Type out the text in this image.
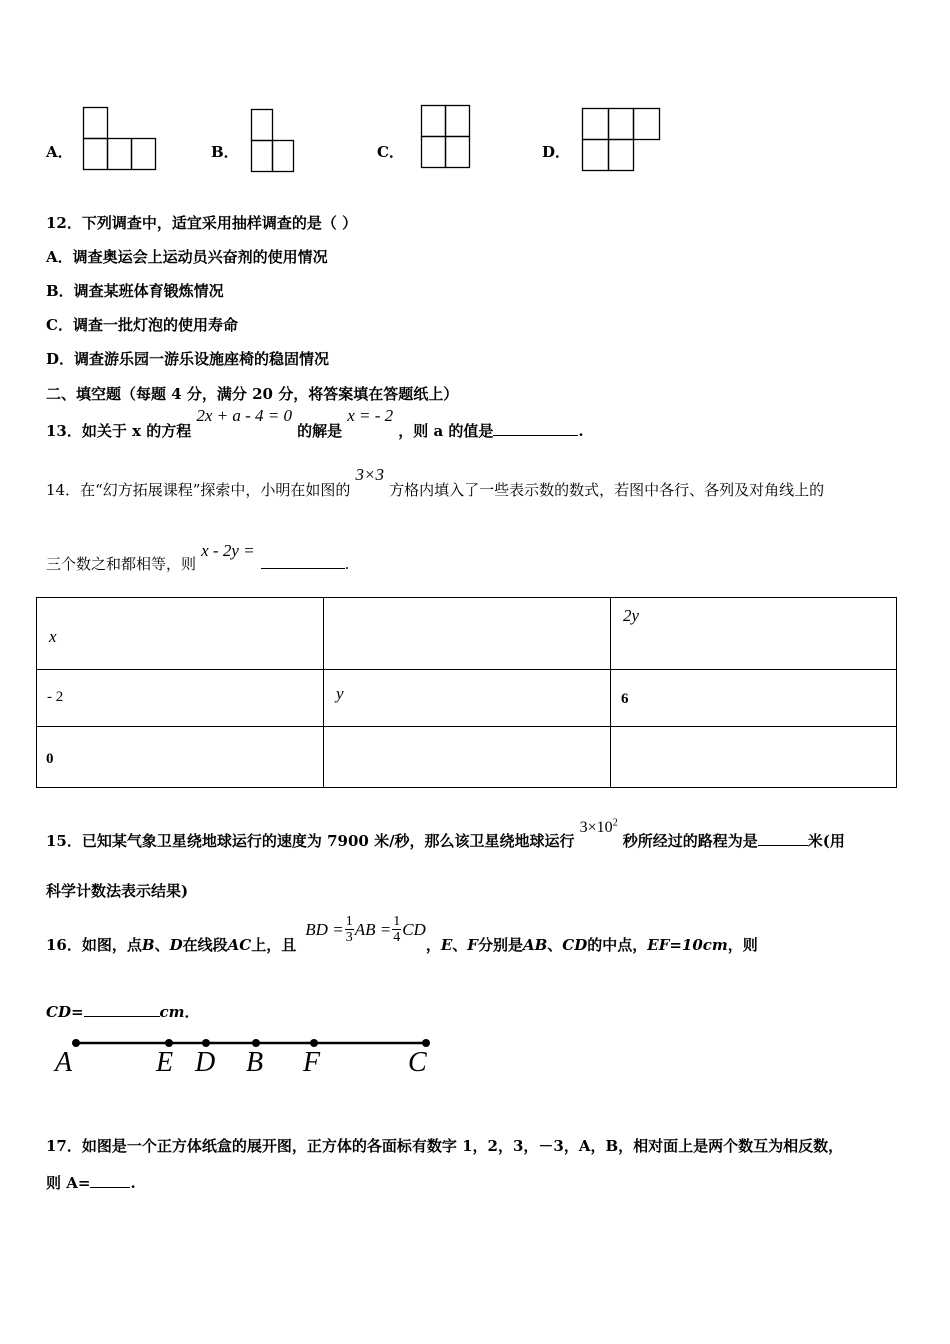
A．	B．	C．	D．
12．下列调查中，适宜采用抽样调查的是（ ）
A．调查奥运会上运动员兴奋剂的使用情况
B．调查某班体育锻炼情况
C．调查一批灯泡的使用寿命
D．调查游乐园一游乐设施座椅的稳固情况
二、填空题（每题 4 分，满分 20 分，将答案填在答题纸上）
13．如关于 x 的方程 2x + a - 4 = 0 的解是 x = - 2 ，则 a 的值是	.
14．在“幻方拓展课程”探索中，小明在如图的 3×3 方格内填入了一些表示数的数式，若图中各行、各列及对角线上的
三个数之和都相等，则 x - 2y =.
x		2y

- 2	y	6

0		

15．已知某气象卫星绕地球运行的速度为 7900 米/秒，那么该卫星绕地球运行 $3\times 10^2$ 秒所经过的路程为是	米(用
科学计数法表示结果)
16．如图，点B、D在线段AC上，且
BD = $\frac{1}{3}$ AB = $\frac{1}{4}$ CD
，E、F分别是AB、CD的中点，EF=10cm，则
CD=	cm．
A	E D B F	C
17．如图是一个正方体纸盒的展开图，正方体的各面标有数字 1，2，3，－3，A，B，相对面上是两个数互为相反数，
则 A=	.
